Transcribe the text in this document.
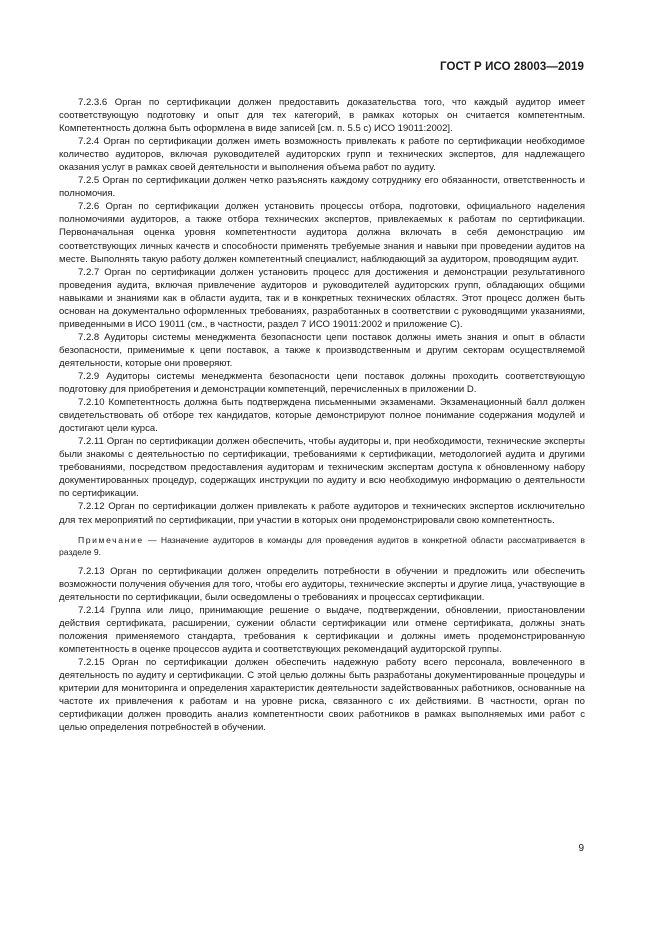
ГОСТ Р ИСО 28003—2019

7.2.3.6 Орган по сертификации должен предоставить доказательства того, что каждый аудитор имеет соответствующую подготовку и опыт для тех категорий, в рамках которых он считается компетентным. Компетентность должна быть оформлена в виде записей [см. п. 5.5 с) ИСО 19011:2002].

7.2.4 Орган по сертификации должен иметь возможность привлекать к работе по сертификации необходимое количество аудиторов, включая руководителей аудиторских групп и технических экспертов, для надлежащего оказания услуг в рамках своей деятельности и выполнения объема работ по аудиту.

7.2.5 Орган по сертификации должен четко разъяснять каждому сотруднику его обязанности, ответственность и полномочия.

7.2.6 Орган по сертификации должен установить процессы отбора, подготовки, официального наделения полномочиями аудиторов, а также отбора технических экспертов, привлекаемых к работам по сертификации. Первоначальная оценка уровня компетентности аудитора должна включать в себя демонстрацию им соответствующих личных качеств и способности применять требуемые знания и навыки при проведении аудитов на месте. Выполнять такую работу должен компетентный специалист, наблюдающий за аудитором, проводящим аудит.

7.2.7 Орган по сертификации должен установить процесс для достижения и демонстрации результативного проведения аудита, включая привлечение аудиторов и руководителей аудиторских групп, обладающих общими навыками и знаниями как в области аудита, так и в конкретных технических областях. Этот процесс должен быть основан на документально оформленных требованиях, разработанных в соответствии с руководящими указаниями, приведенными в ИСО 19011 (см., в частности, раздел 7 ИСО 19011:2002 и приложение С).

7.2.8 Аудиторы системы менеджмента безопасности цепи поставок должны иметь знания и опыт в области безопасности, применимые к цепи поставок, а также к производственным и другим секторам осуществляемой деятельности, которые они проверяют.

7.2.9 Аудиторы системы менеджмента безопасности цепи поставок должны проходить соответствующую подготовку для приобретения и демонстрации компетенций, перечисленных в приложении D.

7.2.10 Компетентность должна быть подтверждена письменными экзаменами. Экзаменационный балл должен свидетельствовать об отборе тех кандидатов, которые демонстрируют полное понимание содержания модулей и достигают цели курса.

7.2.11 Орган по сертификации должен обеспечить, чтобы аудиторы и, при необходимости, технические эксперты были знакомы с деятельностью по сертификации, требованиями к сертификации, методологией аудита и другими требованиями, посредством предоставления аудиторам и техническим экспертам доступа к обновленному набору документированных процедур, содержащих инструкции по аудиту и всю необходимую информацию о деятельности по сертификации.

7.2.12 Орган по сертификации должен привлекать к работе аудиторов и технических экспертов исключительно для тех мероприятий по сертификации, при участии в которых они продемонстрировали свою компетентность.

Примечание — Назначение аудиторов в команды для проведения аудитов в конкретной области рассматривается в разделе 9.

7.2.13 Орган по сертификации должен определить потребности в обучении и предложить или обеспечить возможности получения обучения для того, чтобы его аудиторы, технические эксперты и другие лица, участвующие в деятельности по сертификации, были осведомлены о требованиях и процессах сертификации.

7.2.14 Группа или лицо, принимающие решение о выдаче, подтверждении, обновлении, приостановлении действия сертификата, расширении, сужении области сертификации или отмене сертификата, должны знать положения применяемого стандарта, требования к сертификации и должны иметь продемонстрированную компетентность в оценке процессов аудита и соответствующих рекомендаций аудиторской группы.

7.2.15 Орган по сертификации должен обеспечить надежную работу всего персонала, вовлеченного в деятельность по аудиту и сертификации. С этой целью должны быть разработаны документированные процедуры и критерии для мониторинга и определения характеристик деятельности задействованных работников, основанные на частоте их привлечения к работам и на уровне риска, связанного с их действиями. В частности, орган по сертификации должен проводить анализ компетентности своих работников в рамках выполняемых ими работ с целью определения потребностей в обучении.

9
